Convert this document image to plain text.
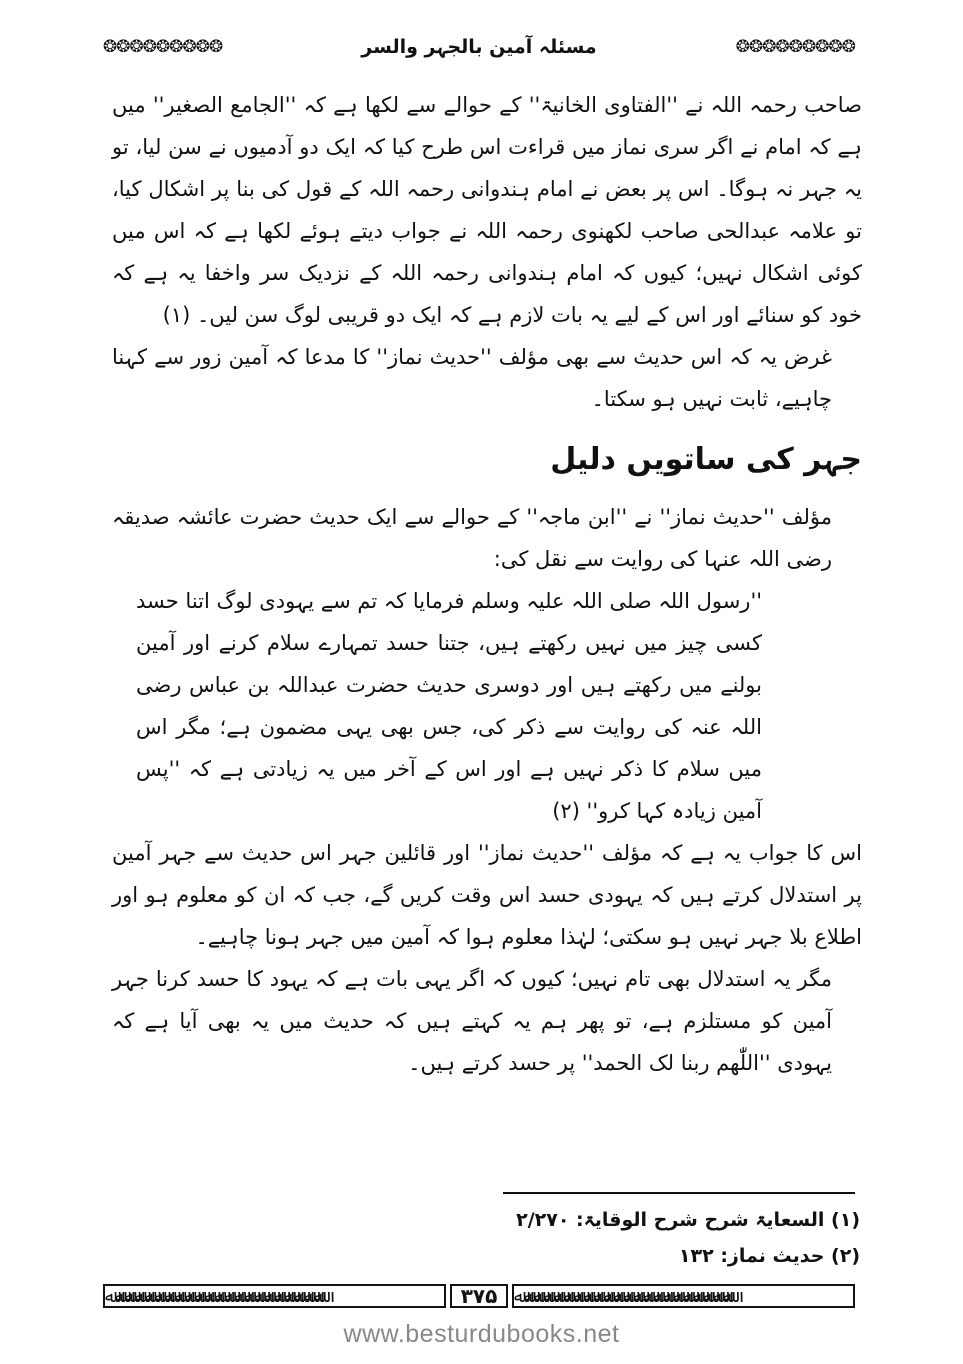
❂❂❂❂❂❂❂❂❂	مسئلہ آمین بالجہر والسر	❂❂❂❂❂❂❂❂❂

صاحب رحمہ اللہ نے ''الفتاوی الخانیۃ'' کے حوالے سے لکھا ہے کہ ''الجامع الصغیر'' میں ہے کہ امام نے اگر سری نماز میں قراءت اس طرح کیا کہ ایک دو آدمیوں نے سن لیا، تو یہ جہر نہ ہوگا۔ اس پر بعض نے امام ہندوانی رحمہ اللہ کے قول کی بنا پر اشکال کیا، تو علامہ عبدالحی صاحب لکھنوی رحمہ اللہ نے جواب دیتے ہوئے لکھا ہے کہ اس میں کوئی اشکال نہیں؛ کیوں کہ امام ہندوانی رحمہ اللہ کے نزدیک سر واخفا یہ ہے کہ خود کو سنائے اور اس کے لیے یہ بات لازم ہے کہ ایک دو قریبی لوگ سن لیں۔ (۱)

غرض یہ کہ اس حدیث سے بھی مؤلف ''حدیث نماز'' کا مدعا کہ آمین زور سے کہنا چاہیے، ثابت نہیں ہو سکتا۔

جہر کی ساتویں دلیل

مؤلف ''حدیث نماز'' نے ''ابن ماجہ'' کے حوالے سے ایک حدیث حضرت عائشہ صدیقہ رضی اللہ عنہا کی روایت سے نقل کی:

''رسول اللہ صلی اللہ علیہ وسلم فرمایا کہ تم سے یہودی لوگ اتنا حسد کسی چیز میں نہیں رکھتے ہیں، جتنا حسد تمہارے سلام کرنے اور آمین بولنے میں رکھتے ہیں اور دوسری حدیث حضرت عبداللہ بن عباس رضی اللہ عنہ کی روایت سے ذکر کی، جس بھی یہی مضمون ہے؛ مگر اس میں سلام کا ذکر نہیں ہے اور اس کے آخر میں یہ زیادتی ہے کہ ''پس آمین زیادہ کہا کرو'' (۲)

اس کا جواب یہ ہے کہ مؤلف ''حدیث نماز'' اور قائلین جہر اس حدیث سے جہر آمین پر استدلال کرتے ہیں کہ یہودی حسد اس وقت کریں گے، جب کہ ان کو معلوم ہو اور اطلاع بلا جہر نہیں ہو سکتی؛ لہٰذا معلوم ہوا کہ آمین میں جہر ہونا چاہیے۔

مگر یہ استدلال بھی تام نہیں؛ کیوں کہ اگر یہی بات ہے کہ یہود کا حسد کرنا جہر آمین کو مستلزم ہے، تو پھر ہم یہ کہتے ہیں کہ حدیث میں یہ بھی آیا ہے کہ یہودی ''اللّٰھم ربنا لک الحمد'' پر حسد کرتے ہیں۔

(۱) السعایۃ شرح شرح الوقایۃ: ۲/۲۷۰

(۲) حدیث نماز: ۱۳۲

ﷲﷲﷲﷲﷲﷲﷲﷲﷲﷲﷲﷲﷲﷲﷲﷲﷲﷲﷲﷲﷲﷲ	۳۷۵ ﷲﷲﷲﷲﷲﷲﷲﷲﷲﷲﷲﷲﷲﷲﷲﷲﷲﷲﷲﷲﷲﷲ
www.besturdubooks.net
